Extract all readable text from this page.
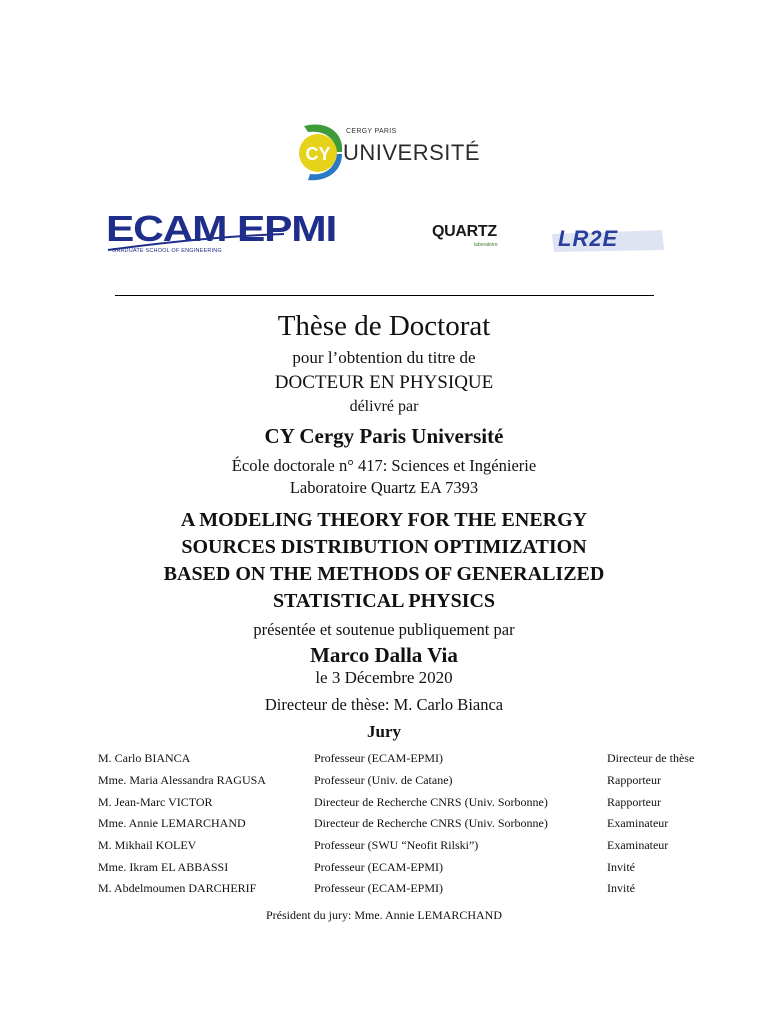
CY
CERGY PARIS
UNIVERSITÉ
ECAM EPMI
GRADUATE SCHOOL OF ENGINEERING
QUARTZ
laboratoire	LR2E
Thèse de Doctorat
pour l’obtention du titre de
DOCTEUR EN PHYSIQUE
délivré par
CY Cergy Paris Université
École doctorale n° 417: Sciences et Ingénierie
Laboratoire Quartz EA 7393
A MODELING THEORY FOR THE ENERGY
SOURCES DISTRIBUTION OPTIMIZATION
BASED ON THE METHODS OF GENERALIZED
STATISTICAL PHYSICS
présentée et soutenue publiquement par
Marco Dalla Via
le 3 Décembre 2020
Directeur de thèse: M. Carlo Bianca
Jury
M. Carlo BIANCA	Professeur (ECAM-EPMI)	Directeur de thèse
Mme. Maria Alessandra RAGUSA	Professeur (Univ. de Catane)	Rapporteur
M. Jean-Marc VICTOR	Directeur de Recherche CNRS (Univ. Sorbonne)	Rapporteur
Mme. Annie LEMARCHAND	Directeur de Recherche CNRS (Univ. Sorbonne)	Examinateur
M. Mikhail KOLEV	Professeur (SWU “Neofit Rilski”)	Examinateur
Mme. Ikram EL ABBASSI	Professeur (ECAM-EPMI)	Invité
M. Abdelmoumen DARCHERIF	Professeur (ECAM-EPMI)	Invité
Président du jury: Mme. Annie LEMARCHAND
